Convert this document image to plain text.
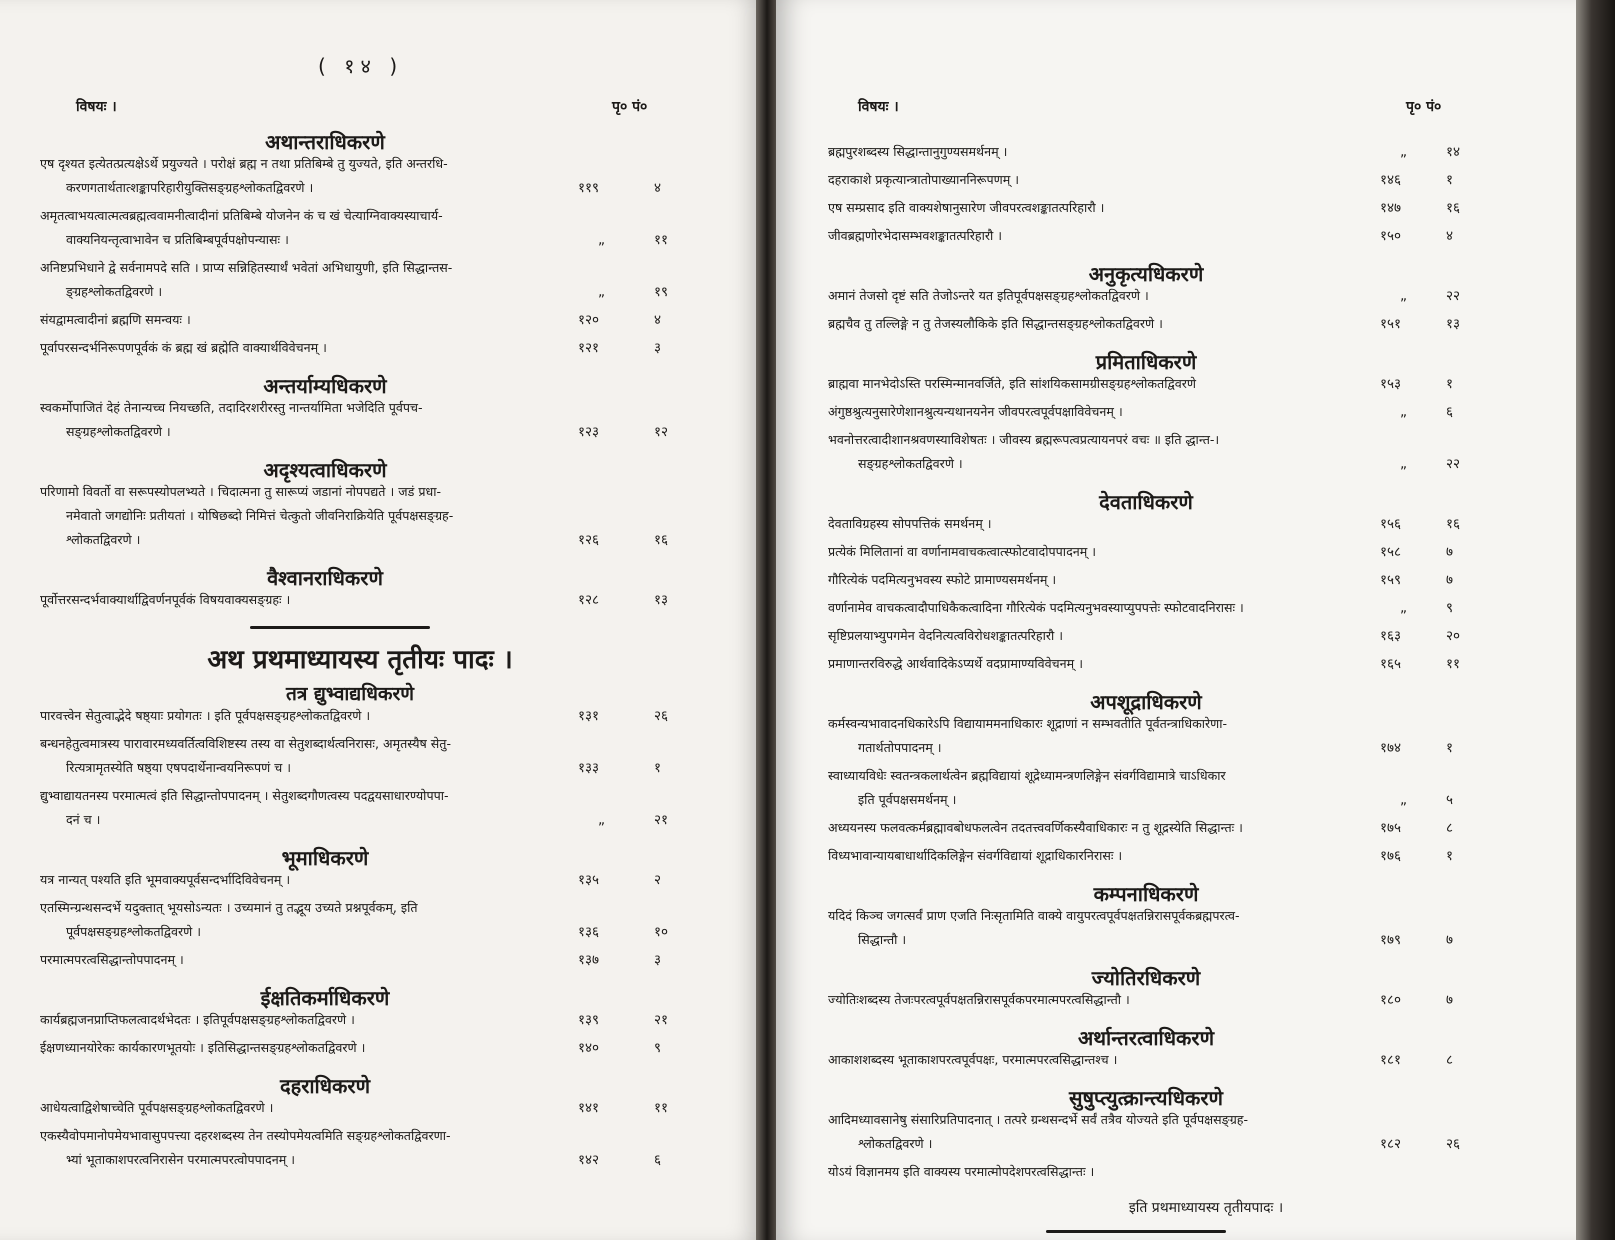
( १४ )
विषयः ।	पृ० पं०
अथान्तराधिकरणे
एष दृश्यत इत्येतत्प्रत्यक्षेऽर्थे प्रयुज्यते । परोक्षं ब्रह्म न तथा प्रतिबिम्बे तु युज्यते, इति अन्तरधि-
करणगतार्थतात्शङ्कापरिहारीयुक्तिसङ्ग्रहश्लोकतद्विवरणे ।	११९	४
अमृतत्वाभयत्वात्मत्वब्रह्मत्ववामनीत्वादीनां प्रतिबिम्बे योजनेन कं च खं चेत्याग्निवाक्यस्याचार्य-
वाक्यनियन्तृत्वाभावेन च प्रतिबिम्बपूर्वपक्षोपन्यासः ।	„	११
अनिष्टप्रभिधाने द्वे सर्वनामपदे सति । प्राप्य सन्निहितस्यार्थं भवेतां अभिधायुणी, इति सिद्धान्तस-
ङ्ग्रहश्लोकतद्विवरणे ।	„	१९
संयद्वामत्वादीनां ब्रह्मणि समन्वयः ।	१२०	४
पूर्वापरसन्दर्भनिरूपणपूर्वकं कं ब्रह्म खं ब्रह्मेति वाक्यार्थविवेचनम् ।	१२१	३
अन्तर्याम्यधिकरणे
स्वकर्मोपाजितं देहं तेनान्यच्च नियच्छति, तदादिरशरीरस्तु नान्तर्यामिता भजेदिति पूर्वपच-
सङ्ग्रहश्लोकतद्विवरणे ।	१२३	१२
अदृश्यत्वाधिकरणे
परिणामो विवर्तो वा सरूपस्योपलभ्यते । चिदात्मना तु सारूप्यं जडानां नोपपद्यते । जडं प्रधा-
नमेवातो जगद्योनिः प्रतीयतां । योषिछब्दो निमित्तं चेत्कुतो जीवनिराक्रियेति पूर्वपक्षसङ्ग्रह-
श्लोकतद्विवरणे ।	१२६	१६
वैश्वानराधिकरणे
पूर्वोत्तरसन्दर्भवाक्यार्थाद्विवर्णनपूर्वकं विषयवाक्यसङ्ग्रहः ।	१२८	१३
अथ प्रथमाध्यायस्य तृतीयः पादः ।
तत्र द्युभ्वाद्यधिकरणे
पारवत्त्वेन सेतुत्वाद्भेदे षष्ठ्याः प्रयोगतः । इति पूर्वपक्षसङ्ग्रहश्लोकतद्विवरणे ।	१३१	२६
बन्धनहेतुत्वमात्रस्य पारावारमध्यवर्तित्वविशिष्टस्य तस्य वा सेतुशब्दार्थत्वनिरासः, अमृतस्यैष सेतु-
रित्यत्रामृतस्येति षष्ठ्या एषपदार्थेनान्वयनिरूपणं च ।	१३३	१
द्युभ्वाद्यायतनस्य परमात्मत्वं इति सिद्धान्तोपपादनम् । सेतुशब्दगौणत्वस्य पदद्वयसाधारण्योपपा-
दनं च ।	„	२१
भूमाधिकरणे
यत्र नान्यत् पश्यति इति भूमवाक्यपूर्वसन्दर्भादिविवेचनम् ।	१३५	२
एतस्मिन्ग्रन्थसन्दर्भे यदुक्तात् भूयसोऽन्यतः । उच्यमानं तु तद्भूय उच्यते प्रश्नपूर्वकम्, इति
पूर्वपक्षसङ्ग्रहश्लोकतद्विवरणे ।	१३६	१०
परमात्मपरत्वसिद्धान्तोपपादनम् ।	१३७	३
ईक्षतिकर्माधिकरणे
कार्यब्रह्मजनप्राप्तिफलत्वादर्थभेदतः । इतिपूर्वपक्षसङ्ग्रहश्लोकतद्विवरणे ।	१३९	२१
ईक्षणध्यानयोरेकः कार्यकारणभूतयोः । इतिसिद्धान्तसङ्ग्रहश्लोकतद्विवरणे ।	१४०	९
दहराधिकरणे
आधेयत्वाद्विशेषाच्चेति पूर्वपक्षसङ्ग्रहश्लोकतद्विवरणे ।	१४१	११
एकस्यैवोपमानोपमेयभावासुपपत्त्या दहरशब्दस्य तेन तस्योपमेयत्वमिति सङ्ग्रहश्लोकतद्विवरणा-
भ्यां भूताकाशपरत्वनिरासेन परमात्मपरत्वोपपादनम् ।	१४२	६
विषयः ।	पृ० पं०
ब्रह्मपुरशब्दस्य सिद्धान्तानुगुण्यसमर्थनम् ।	„	१४
दहराकाशे प्रकृत्यान्त्रातोपाख्याननिरूपणम् ।	१४६	१
एष सम्प्रसाद इति वाक्यशेषानुसारेण जीवपरत्वशङ्कातत्परिहारौ ।	१४७	१६
जीवब्रह्मणोरभेदासम्भवशङ्कातत्परिहारौ ।	१५०	४
अनुकृत्यधिकरणे
अमानं तेजसो दृष्टं सति तेजोऽन्तरे यत इतिपूर्वपक्षसङ्ग्रहश्लोकतद्विवरणे ।	„	२२
ब्रह्मचैव तु तल्लिङ्गे न तु तेजस्यलौकिके इति सिद्धान्तसङ्ग्रहश्लोकतद्विवरणे ।	१५१	१३
प्रमिताधिकरणे
ब्राह्मवा मानभेदोऽस्ति परस्मिन्मानवर्जिते, इति सांशयिकसामग्रीसङ्ग्रहश्लोकतद्विवरणे	१५३	१
अंगुष्ठश्रुत्यनुसारेणेशानश्रुत्यन्यथानयनेन जीवपरत्वपूर्वपक्षाविवेचनम् ।	„	६
भवनोत्तरत्वादीशानश्रवणस्याविशेषतः । जीवस्य ब्रह्मरूपत्वप्रत्यायनपरं वचः ॥ इति द्धान्त-।
सङ्ग्रहश्लोकतद्विवरणे ।	„	२२
देवताधिकरणे
देवताविग्रहस्य सोपपत्तिकं समर्थनम् ।	१५६	१६
प्रत्येकं मिलितानां वा वर्णानामवाचकत्वात्स्फोटवादोपपादनम् ।	१५८	७
गौरित्येकं पदमित्यनुभवस्य स्फोटे प्रामाण्यसमर्थनम् ।	१५९	७
वर्णानामेव वाचकत्वादौपाधिकैकत्वादिना गौरित्येकं पदमित्यनुभवस्याप्युपपत्तेः स्फोटवादनिरासः ।	„	९
सृष्टिप्रलयाभ्युपगमेन वेदनित्यत्वविरोधशङ्कातत्परिहारौ ।	१६३	२०
प्रमाणान्तरविरुद्धे आर्थवादिकेऽप्यर्थे वदप्रामाण्यविवेचनम् ।	१६५	११
अपशूद्राधिकरणे
कर्मस्वन्यभावादनधिकारेऽपि विद्यायाममनाधिकारः शूद्राणां न सम्भवतीति पूर्वतन्त्राधिकारेणा-
गतार्थतोपपादनम् ।	१७४	१
स्वाध्यायविधेः स्वतन्त्रकलार्थत्वेन ब्रह्मविद्यायां शूद्रेध्यामन्त्रणलिङ्गेन संवर्गविद्यामात्रे चाऽधिकार
इति पूर्वपक्षसमर्थनम् ।	„	५
अध्ययनस्य फलवत्कर्मब्रह्मावबोधफलत्वेन तदतत्त्ववर्णिकस्यैवाधिकारः न तु शूद्रस्येति सिद्धान्तः ।	१७५	८
विध्यभावान्यायबाधार्थादिकलिङ्गेन संवर्गविद्यायां शूद्राधिकारनिरासः ।	१७६	१
कम्पनाधिकरणे
यदिदं किञ्च जगत्सर्वं प्राण एजति निःसृतामिति वाक्ये वायुपरत्वपूर्वपक्षतन्निरासपूर्वकब्रह्मपरत्व-
सिद्धान्तौ ।	१७९	७
ज्योतिरधिकरणे
ज्योतिःशब्दस्य तेजःपरत्वपूर्वपक्षतन्निरासपूर्वकपरमात्मपरत्वसिद्धान्तौ ।	१८०	७
अर्थान्तरत्वाधिकरणे
आकाशशब्दस्य भूताकाशपरत्वपूर्वपक्षः, परमात्मपरत्वसिद्धान्तश्च ।	१८१	८
सुषुप्त्युत्क्रान्त्यधिकरणे
आदिमध्यावसानेषु संसारिप्रतिपादनात् । तत्परे ग्रन्थसन्दर्भे सर्वं तत्रैव योज्यते इति पूर्वपक्षसङ्ग्रह-
श्लोकतद्विवरणे ।	१८२	२६
योऽयं विज्ञानमय इति वाक्यस्य परमात्मोपदेशपरत्वसिद्धान्तः ।
इति प्रथमाध्यायस्य तृतीयपादः ।
